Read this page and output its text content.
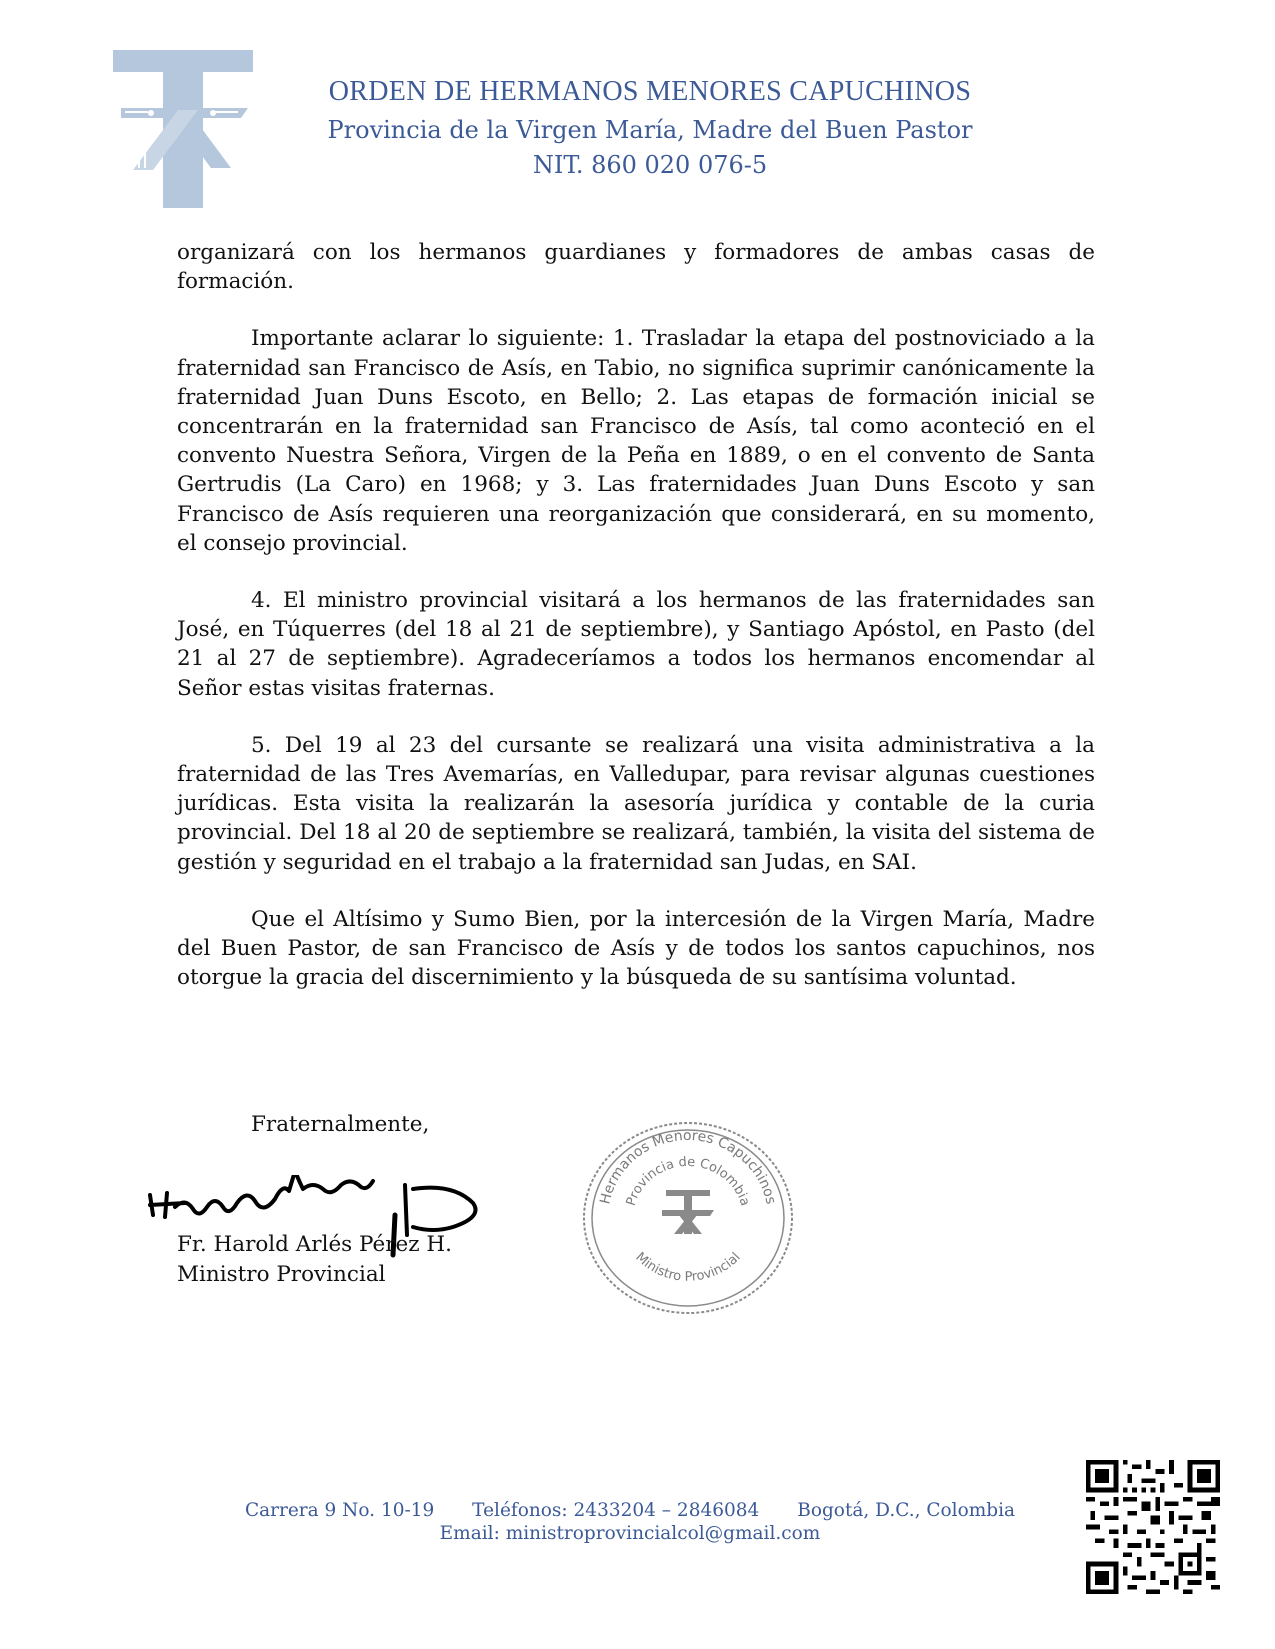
ORDEN DE HERMANOS MENORES CAPUCHINOS
Provincia de la Virgen María, Madre del Buen Pastor
NIT. 860 020 076-5

organizará con los hermanos guardianes y formadores de ambas casas de formación.

Importante aclarar lo siguiente: 1. Trasladar la etapa del postnoviciado a la fraternidad san Francisco de Asís, en Tabio, no significa suprimir canónicamente la fraternidad Juan Duns Escoto, en Bello; 2. Las etapas de formación inicial se concentrarán en la fraternidad san Francisco de Asís, tal como aconteció en el convento Nuestra Señora, Virgen de la Peña en 1889, o en el convento de Santa Gertrudis (La Caro) en 1968; y 3. Las fraternidades Juan Duns Escoto y san Francisco de Asís requieren una reorganización que considerará, en su momento, el consejo provincial.

4. El ministro provincial visitará a los hermanos de las fraternidades san José, en Túquerres (del 18 al 21 de septiembre), y Santiago Apóstol, en Pasto (del 21 al 27 de septiembre). Agradeceríamos a todos los hermanos encomendar al Señor estas visitas fraternas.

5. Del 19 al 23 del cursante se realizará una visita administrativa a la fraternidad de las Tres Avemarías, en Valledupar, para revisar algunas cuestiones jurídicas. Esta visita la realizarán la asesoría jurídica y contable de la curia provincial. Del 18 al 20 de septiembre se realizará, también, la visita del sistema de gestión y seguridad en el trabajo a la fraternidad san Judas, en SAI.

Que el Altísimo y Sumo Bien, por la intercesión de la Virgen María, Madre del Buen Pastor, de san Francisco de Asís y de todos los santos capuchinos, nos otorgue la gracia del discernimiento y la búsqueda de su santísima voluntad.

Fraternalmente,
Fr. Harold Arlés Pérez H.
Ministro Provincial
Hermanos Menores Capuchinos
Provincia de Colombia
Ministro Provincial
Carrera 9 No. 10-19 Teléfonos: 2433204 – 2846084 Bogotá, D.C., Colombia
Email: ministroprovincialcol@gmail.com
